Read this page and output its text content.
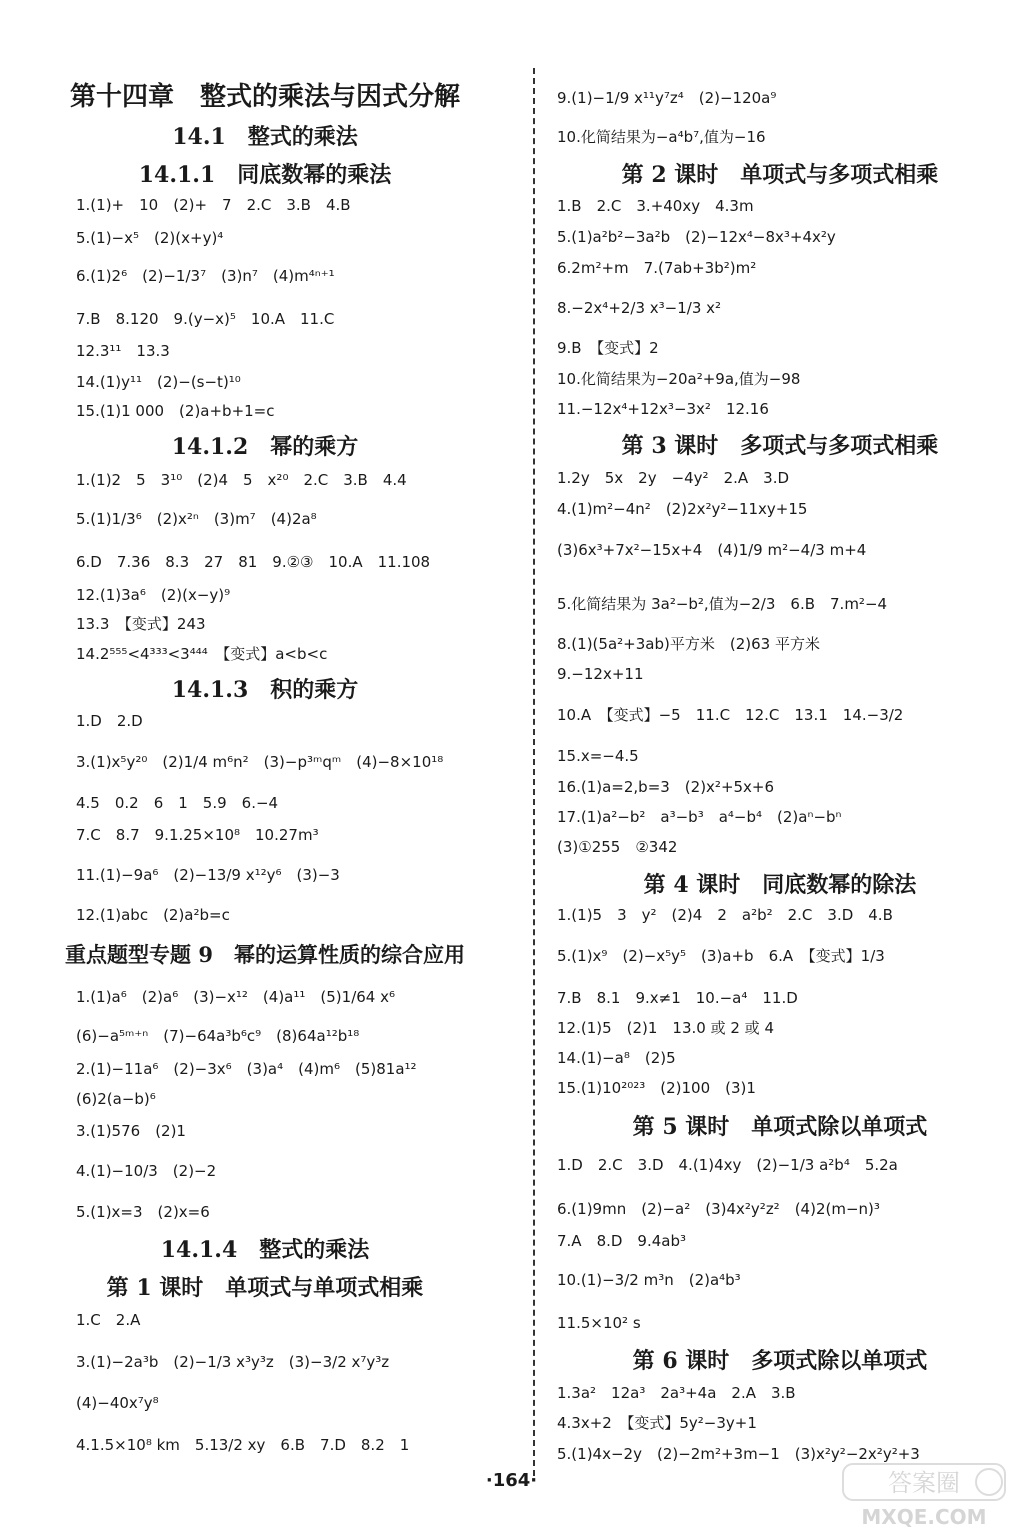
第十四章　整式的乘法与因式分解
14.1　整式的乘法
14.1.1　同底数幂的乘法
1.(1)+　10　(2)+　7　2.C　3.B　4.B
5.(1)−x⁵　(2)(x+y)⁴
6.(1)2⁶　(2)−1/3⁷　(3)n⁷　(4)m⁴ⁿ⁺¹
7.B　8.120　9.(y−x)⁵　10.A　11.C
12.3¹¹　13.3
14.(1)y¹¹　(2)−(s−t)¹⁰
15.(1)1 000　(2)a+b+1=c
14.1.2　幂的乘方
1.(1)2　5　3¹⁰　(2)4　5　x²⁰　2.C　3.B　4.4
5.(1)1/3⁶　(2)x²ⁿ　(3)m⁷　(4)2a⁸
6.D　7.36　8.3　27　81　9.②③　10.A　11.108
12.(1)3a⁶　(2)(x−y)⁹
13.3　【变式】243
14.2⁵⁵⁵<4³³³<3⁴⁴⁴　【变式】a<b<c
14.1.3　积的乘方
1.D　2.D
3.(1)x⁵y²⁰　(2)1/4 m⁶n²　(3)−p³ᵐqᵐ　(4)−8×10¹⁸
4.5　0.2　6　1　5.9　6.−4
7.C　8.7　9.1.25×10⁸　10.27m³
11.(1)−9a⁶　(2)−13/9 x¹²y⁶　(3)−3
12.(1)abc　(2)a²b=c
重点题型专题 9　幂的运算性质的综合应用
1.(1)a⁶　(2)a⁶　(3)−x¹²　(4)a¹¹　(5)1/64 x⁶
(6)−a⁵ᵐ⁺ⁿ　(7)−64a³b⁶c⁹　(8)64a¹²b¹⁸
2.(1)−11a⁶　(2)−3x⁶　(3)a⁴　(4)m⁶　(5)81a¹²
(6)2(a−b)⁶
3.(1)576　(2)1
4.(1)−10/3　(2)−2
5.(1)x=3　(2)x=6
14.1.4　整式的乘法
第 1 课时　单项式与单项式相乘
1.C　2.A
3.(1)−2a³b　(2)−1/3 x³y³z　(3)−3/2 x⁷y³z
(4)−40x⁷y⁸
4.1.5×10⁸ km　5.13/2 xy　6.B　7.D　8.2　1
9.(1)−1/9 x¹¹y⁷z⁴　(2)−120a⁹
10.化简结果为−a⁴b⁷,值为−16
第 2 课时　单项式与多项式相乘
1.B　2.C　3.+40xy　4.3m
5.(1)a²b²−3a²b　(2)−12x⁴−8x³+4x²y
6.2m²+m　7.(7ab+3b²)m²
8.−2x⁴+2/3 x³−1/3 x²
9.B　【变式】2
10.化简结果为−20a²+9a,值为−98
11.−12x⁴+12x³−3x²　12.16
第 3 课时　多项式与多项式相乘
1.2y　5x　2y　−4y²　2.A　3.D
4.(1)m²−4n²　(2)2x²y²−11xy+15
(3)6x³+7x²−15x+4　(4)1/9 m²−4/3 m+4
5.化简结果为 3a²−b²,值为−2/3　6.B　7.m²−4
8.(1)(5a²+3ab)平方米　(2)63 平方米
9.−12x+11
10.A　【变式】−5　11.C　12.C　13.1　14.−3/2
15.x=−4.5
16.(1)a=2,b=3　(2)x²+5x+6
17.(1)a²−b²　a³−b³　a⁴−b⁴　(2)aⁿ−bⁿ
(3)①255　②342
第 4 课时　同底数幂的除法
1.(1)5　3　y²　(2)4　2　a²b²　2.C　3.D　4.B
5.(1)x⁹　(2)−x⁵y⁵　(3)a+b　6.A　【变式】1/3
7.B　8.1　9.x≠1　10.−a⁴　11.D
12.(1)5　(2)1　13.0 或 2 或 4
14.(1)−a⁸　(2)5
15.(1)10²⁰²³　(2)100　(3)1
第 5 课时　单项式除以单项式
1.D　2.C　3.D　4.(1)4xy　(2)−1/3 a²b⁴　5.2a
6.(1)9mn　(2)−a²　(3)4x²y²z²　(4)2(m−n)³
7.A　8.D　9.4ab³
10.(1)−3/2 m³n　(2)a⁴b³
11.5×10² s
第 6 课时　多项式除以单项式
1.3a²　12a³　2a³+4a　2.A　3.B
4.3x+2　【变式】5y²−3y+1
5.(1)4x−2y　(2)−2m²+3m−1　(3)x²y²−2x²y²+3
·164·	答案圈
MXQE.COM
